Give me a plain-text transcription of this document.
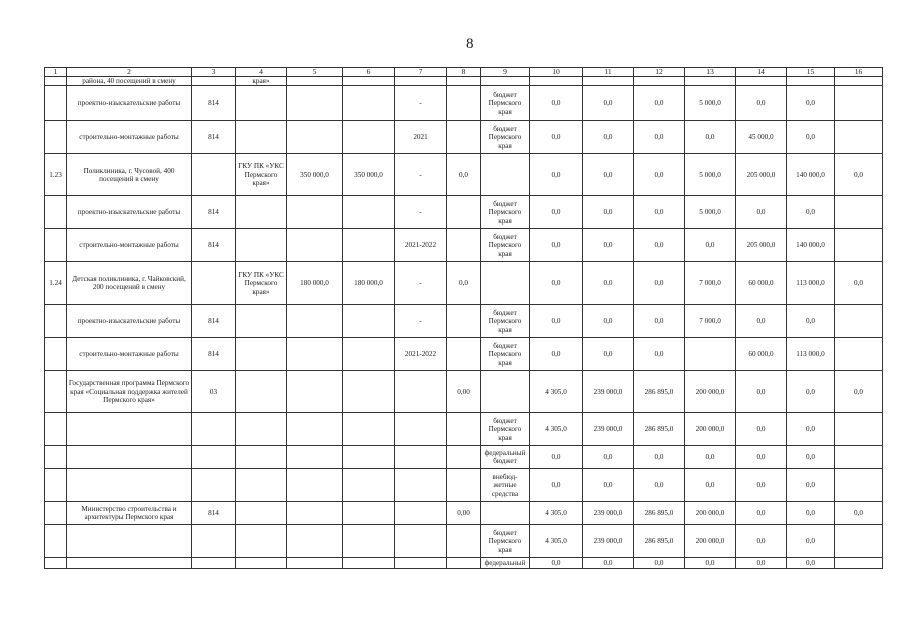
8
1	2	3	4	5	6	7	8	9	10	11	12	13	14	15	16
	района, 40 посещений в смену		края»												
	проектно-изыскательские работы	814				-		бюджет Пермского края	0,0	0,0	0,0	5 000,0	0,0	0,0	
	строительно-монтажные работы	814				2021		бюджет Пермского края	0,0	0,0	0,0	0,0	45 000,0	0,0	
1.23	Поликлиника, г. Чусовой, 400 посещений в смену		ГКУ ПК «УКС Пермского края»	350 000,0	350 000,0	-	0,0		0,0	0,0	0,0	5 000,0	205 000,0	140 000,0	0,0
	проектно-изыскательские работы	814				-		бюджет Пермского края	0,0	0,0	0,0	5 000,0	0,0	0,0	
	строительно-монтажные работы	814				2021-2022		бюджет Пермского края	0,0	0,0	0,0	0,0	205 000,0	140 000,0	
1.24	Детская поликлиника, г. Чайковский, 200 посещений в смену		ГКУ ПК «УКС Пермского края»	180 000,0	180 000,0	-	0,0		0,0	0,0	0,0	7 000,0	60 000,0	113 000,0	0,0
	проектно-изыскательские работы	814				-		бюджет Пермского края	0,0	0,0	0,0	7 000,0	0,0	0,0	
	строительно-монтажные работы	814				2021-2022		бюджет Пермского края	0,0	0,0	0,0		60 000,0	113 000,0	
	Государственная программа Пермского края «Социальная поддержка жителей Пермского края»	03					0,00		4 305,0	239 000,0	286 895,0	200 000,0	0,0	0,0	0,0
								бюджет Пермского края	4 305,0	239 000,0	286 895,0	200 000,0	0,0	0,0	
								федеральный бюджет	0,0	0,0	0,0	0,0	0,0	0,0	
								внебюд-жетные средства	0,0	0,0	0,0	0,0	0,0	0,0	
	Министерство строительства и архитектуры Пермского края	814					0,00		4 305,0	239 000,0	286 895,0	200 000,0	0,0	0,0	0,0
								бюджет Пермского края	4 305,0	239 000,0	286 895,0	200 000,0	0,0	0,0	
								федеральный	0,0	0,0	0,0	0,0	0,0	0,0	
